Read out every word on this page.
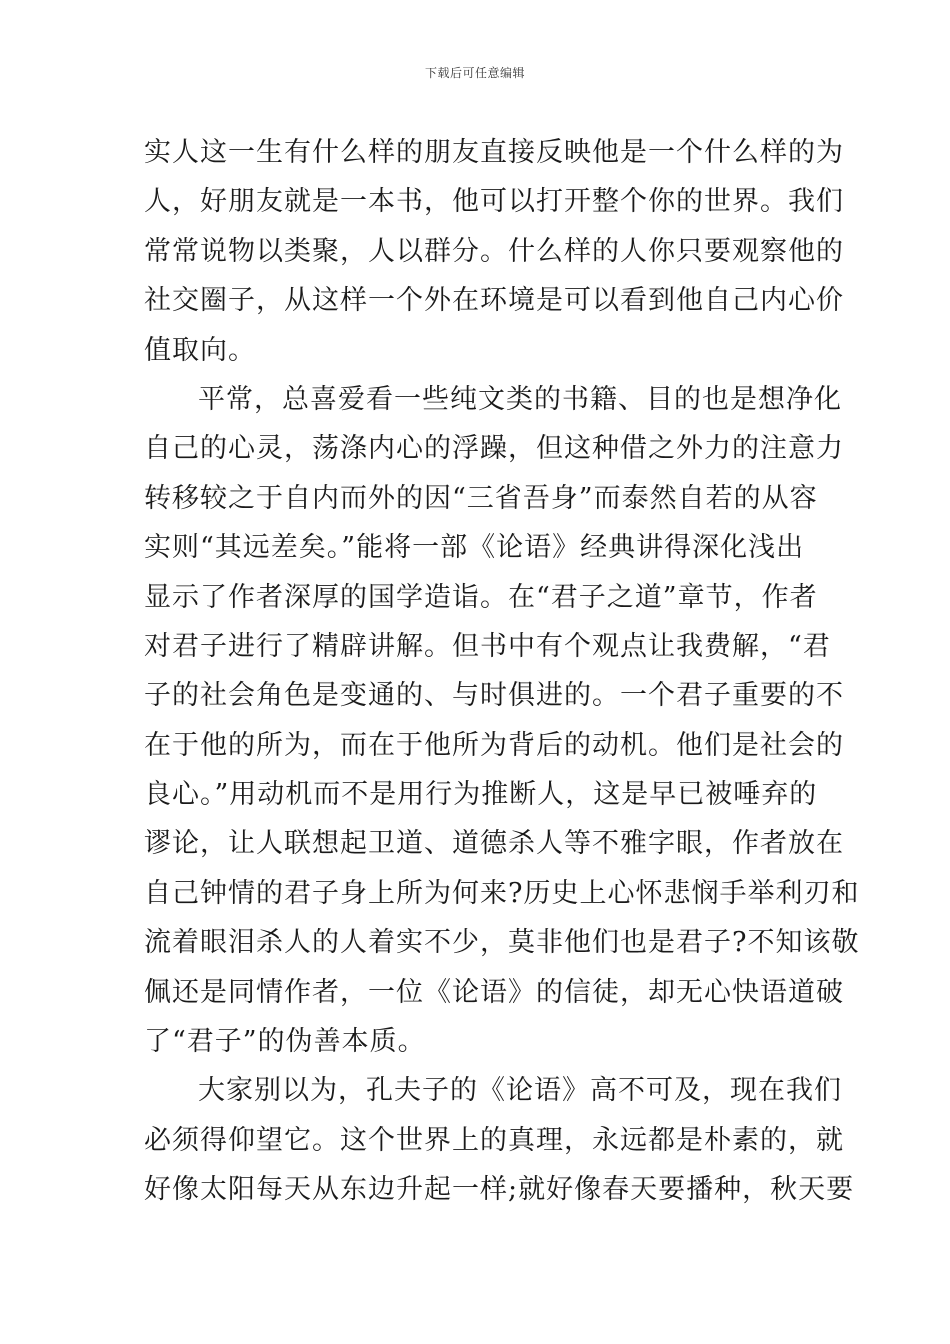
下载后可任意编辑
实人这一生有什么样的朋友直接反映他是一个什么样的为
人，好朋友就是一本书，他可以打开整个你的世界。我们
常常说物以类聚，人以群分。什么样的人你只要观察他的
社交圈子，从这样一个外在环境是可以看到他自己内心价
值取向。
平常，总喜爱看一些纯文类的书籍、目的也是想净化
自己的心灵，荡涤内心的浮躁，但这种借之外力的注意力
转移较之于自内而外的因“三省吾身”而泰然自若的从容
实则“其远差矣。”能将一部《论语》经典讲得深化浅出
显示了作者深厚的国学造诣。在“君子之道”章节，作者
对君子进行了精辟讲解。但书中有个观点让我费解，“君
子的社会角色是变通的、与时俱进的。一个君子重要的不
在于他的所为，而在于他所为背后的动机。他们是社会的
良心。”用动机而不是用行为推断人，这是早已被唾弃的
谬论，让人联想起卫道、道德杀人等不雅字眼，作者放在
自己钟情的君子身上所为何来?历史上心怀悲悯手举利刃和
流着眼泪杀人的人着实不少，莫非他们也是君子?不知该敬
佩还是同情作者，一位《论语》的信徒，却无心快语道破
了“君子”的伪善本质。
大家别以为，孔夫子的《论语》高不可及，现在我们
必须得仰望它。这个世界上的真理，永远都是朴素的，就
好像太阳每天从东边升起一样;就好像春天要播种，秋天要
